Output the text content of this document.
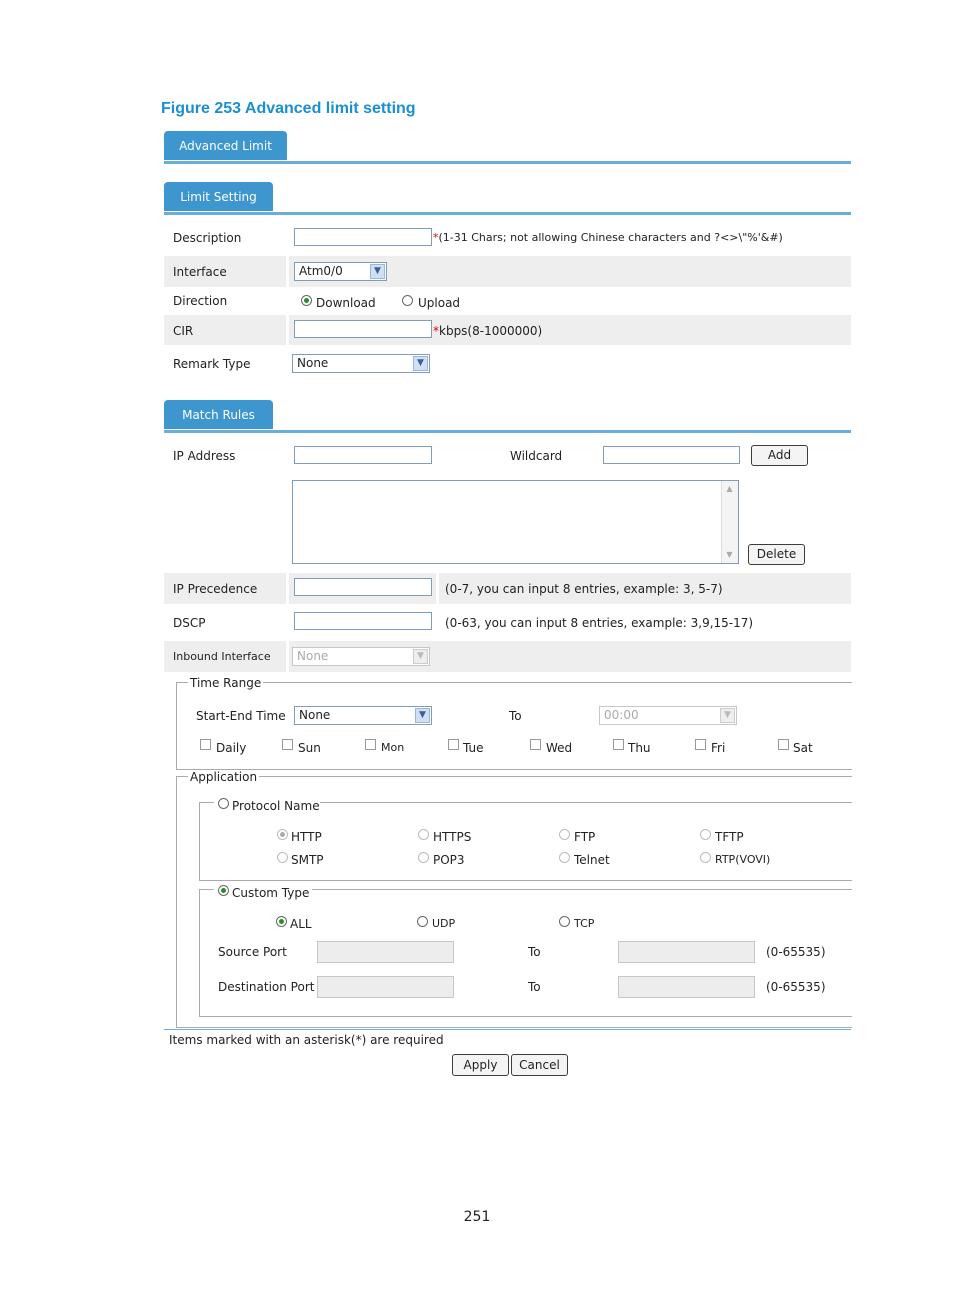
Figure 253 Advanced limit setting
Advanced Limit
Limit Setting
Description	*(1-31 Chars; not allowing Chinese characters and ?<>\"%'&#)
Interface	Atm0/0	▼
Direction	Download	Upload
CIR	*kbps(8-1000000)
Remark Type	None	▼
Match Rules
IP Address	Wildcard	Add
▲
▼	Delete
IP Precedence	(0-7, you can input 8 entries, example: 3, 5-7)
DSCP	(0-63, you can input 8 entries, example: 3,9,15-17)
Inbound Interface	None	▼
Time Range
Start-End Time	None	▼	To	00:00	▼
Daily	Sun	Mon	Tue	Wed	Thu	Fri	Sat
Application
Protocol Name
HTTP	HTTPS	FTP	TFTP
SMTP	POP3	Telnet	RTP(VOVI)
Custom Type
ALL	UDP	TCP
Source Port	To	(0-65535)
Destination Port	To	(0-65535)
Items marked with an asterisk(*) are required
Apply	Cancel
251
